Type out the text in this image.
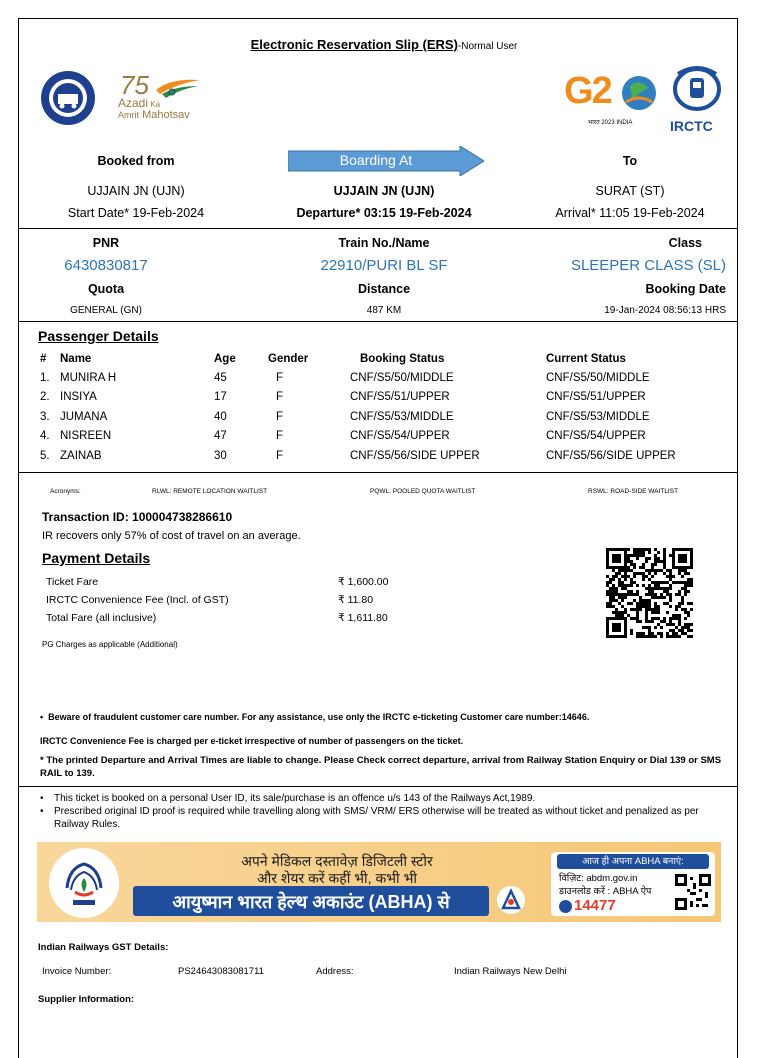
Electronic Reservation Slip (ERS)-Normal User
75
Azadi Ka
Amrit Mahotsav
G2
भारत 2023 INDIA	IRCTC
Booked from	Boarding At	To
UJJAIN JN (UJN)	UJJAIN JN (UJN)	SURAT (ST)
Start Date* 19-Feb-2024	Departure* 03:15 19-Feb-2024	Arrival* 11:05 19-Feb-2024
PNR	Train No./Name	Class
6430830817	22910/PURI BL SF	SLEEPER CLASS (SL)
Quota	Distance	Booking Date
GENERAL (GN)	487 KM	19-Jan-2024 08:56:13 HRS
Passenger Details
#	Name	Age	Gender	Booking Status	Current Status
1.	MUNIRA H	45	F	CNF/S5/50/MIDDLE	CNF/S5/50/MIDDLE
2.	INSIYA	17	F	CNF/S5/51/UPPER	CNF/S5/51/UPPER
3.	JUMANA	40	F	CNF/S5/53/MIDDLE	CNF/S5/53/MIDDLE
4.	NISREEN	47	F	CNF/S5/54/UPPER	CNF/S5/54/UPPER
5.	ZAINAB	30	F	CNF/S5/56/SIDE UPPER	CNF/S5/56/SIDE UPPER
Acronyms:	RLWL: REMOTE LOCATION WAITLIST	PQWL: POOLED QUOTA WAITLIST	RSWL: ROAD-SIDE WAITLIST
Transaction ID: 100004738286610
IR recovers only 57% of cost of travel on an average.
Payment Details
Ticket Fare	₹ 1,600.00
IRCTC Convenience Fee (Incl. of GST)	₹ 11.80
Total Fare (all inclusive)	₹ 1,611.80
PG Charges as applicable (Additional)
•  Beware of fraudulent customer care number. For any assistance, use only the IRCTC e-ticketing Customer care number:14646.
IRCTC Convenience Fee is charged per e-ticket irrespective of number of passengers on the ticket.
* The printed Departure and Arrival Times are liable to change. Please Check correct departure, arrival from Railway Station Enquiry or Dial 139 or SMS RAIL to 139.
•	This ticket is booked on a personal User ID, its sale/purchase is an offence u/s 143 of the Railways Act,1989.
•	Prescribed original ID proof is required while travelling along with SMS/ VRM/ ERS otherwise will be treated as without ticket and penalized as per Railway Rules.
अपने मेडिकल दस्तावेज़ डिजिटली स्टोर
और शेयर करें कहीं भी, कभी भी
आयुष्मान भारत हेल्थ अकाउंट (ABHA) से
आज ही अपना ABHA बनाएं:
विज़िट: abdm.gov.in
डाउनलोड करें : ABHA ऐप
14477
Indian Railways GST Details:
Invoice Number:	PS24643083081711	Address:	Indian Railways New Delhi
Supplier Information:
